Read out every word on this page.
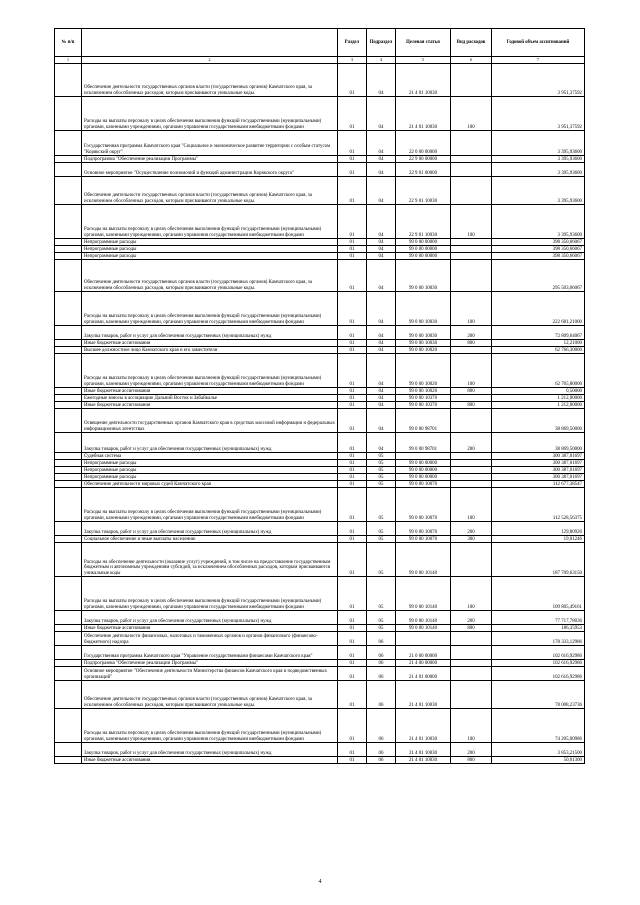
№ п/п		Раздел	Подраздел	Целевая статья	Вид расходов	Годовой объем ассигнований
1	2	3	4	5	6	7
	Обеспечение деятельности государственных органов власти (государственных органов) Камчатского края, за исключением обособленных расходов, которым присваиваются уникальные коды.	01	04	21 4 01 10030		3 951,37592
	Расходы на выплаты персоналу в целях обеспечения выполнения функций государственными (муниципальными) органами, казенными учреждениями, органами управления государственными внебюджетными фондами	01	04	21 4 01 10030	100	3 951,37592
	Государственная программа Камчатского края "Социальное и экономическое развитие территории с особым статусом "Корякский округ"	01	04	22 0 00 00000		3 395,93600
	Подпрограмма "Обеспечение реализации Программы"	01	04	22 9 00 00000		3 395,93600
	Основное мероприятие "Осуществление полномочий и функций администрации Корякского округа"	01	04	22 9 01 00000		3 395,93600
	Обеспечение деятельности государственных органов власти (государственных органов) Камчатского края, за исключением обособленных расходов, которым присваиваются уникальные коды.	01	04	22 9 01 10030		3 395,93600
	Расходы на выплаты персоналу в целях обеспечения выполнения функций государственными (муниципальными) органами, казенными учреждениями, органами управления государственными внебюджетными фондами	01	04	22 9 01 10030	100	3 395,93600
	Непрограммные расходы	01	04	99 0 00 00000		398 350,66067
	Непрограммные расходы	01	04	99 0 00 00000		398 350,66067
	Непрограммные расходы	01	04	99 0 00 00000		398 350,66067
	Обеспечение деятельности государственных органов власти (государственных органов) Камчатского края, за исключением обособленных расходов, которым присваиваются уникальные коды.	01	04	99 0 00 10030		295 503,06067
	Расходы на выплаты персоналу в целях обеспечения выполнения функций государственными (муниципальными) органами, казенными учреждениями, органами управления государственными внебюджетными фондами	01	04	99 0 00 10030	100	222 681,21000
	Закупка товаров, работ и услуг для обеспечения государственных (муниципальных) нужд	01	04	99 0 00 10030	200	72 809,64067
	Иные бюджетные ассигнования	01	04	99 0 00 10030	800	12,21000
	Высшее должностное лицо Камчатского края и его заместители	01	04	99 0 00 10020		62 766,30000
	Расходы на выплаты персоналу в целях обеспечения выполнения функций государственными (муниципальными) органами, казенными учреждениями, органами управления государственными внебюджетными фондами	01	04	99 0 00 10020	100	62 765,80000
	Иные бюджетные ассигнования	01	04	99 0 00 10020	800	0,50000
	Ежегодные взносы в ассоциацию Дальний Восток и Забайкалье	01	04	99 0 00 10370		1 212,00000
	Иные бюджетные ассигнования	01	04	99 0 00 10370	800	1 212,00000
	Освещение деятельности государственных органов Камчатского края в средствах массовой информации и федеральных информационных агентствах	01	04	99 0 00 98701		38 869,50000
	Закупка товаров, работ и услуг для обеспечения государственных (муниципальных) нужд	01	04	99 0 00 98701	200	38 869,50000
	Судебная система	01	05			300 387,01697
	Непрограммные расходы	01	05	99 0 00 00000		300 387,01697
	Непрограммные расходы	01	05	99 0 00 00000		300 387,01697
	Непрограммные расходы	01	05	99 0 00 00000		300 387,01697
	Обеспечение деятельности мировых судей Камчатского края	01	05	99 0 00 10070		112 677,38547
	Расходы на выплаты персоналу в целях обеспечения выполнения функций государственными (муниципальными) органами, казенными учреждениями, органами управления государственными внебюджетными фондами	01	05	99 0 00 10070	100	112 528,56375
	Закупка товаров, работ и услуг для обеспечения государственных (муниципальных) нужд	01	05	99 0 00 10070	200	129,80926
	Социальное обеспечение и иные выплаты населению	01	05	99 0 00 10070	300	19,01246
	Расходы на обеспечение деятельности (оказание услуг) учреждений, в том числе на предоставление государственным бюджетным и автономным учреждениям субсидий, за исключением обособленных расходов, которым присваиваются уникальные коды	01	05	99 0 00 10140		187 709,63150
	Расходы на выплаты персоналу в целях обеспечения выполнения функций государственными (муниципальными) органами, казенными учреждениями, органами управления государственными внебюджетными фондами	01	05	99 0 00 10140	100	109 805,49161
	Закупка товаров, работ и услуг для обеспечения государственных (муниципальных) нужд	01	05	99 0 00 10140	200	77 717,78036
	Иные бюджетные ассигнования	01	05	99 0 00 10140	800	186,35953
	Обеспечение деятельности финансовых, налоговых и таможенных органов и органов финансового (финансово-бюджетного) надзора	01	06			178 333,12986
	Государственная программа Камчатского края "Управление государственными финансами Камчатского края"	01	06	21 0 00 00000		102 616,92986
	Подпрограмма "Обеспечение реализации Программы"	01	06	21 4 00 00000		102 616,92986
	Основное мероприятие "Обеспечение деятельности Министерства финансов Камчатского края и подведомственных организаций"	01	06	21 4 01 00000		102 616,92986
	Обеспечение деятельности государственных органов власти (государственных органов) Камчатского края, за исключением обособленных расходов, которым присваиваются уникальные коды.	01	06	21 4 01 10030		78 008,23736
	Расходы на выплаты персоналу в целях обеспечения выполнения функций государственными (муниципальными) органами, казенными учреждениями, органами управления государственными внебюджетными фондами	01	06	21 4 01 10030	100	74 205,00986
	Закупка товаров, работ и услуг для обеспечения государственных (муниципальных) нужд	01	06	21 4 01 10030	200	3 853,21500
	Иные бюджетные ассигнования	01	06	21 4 01 10030	800	50,01300
4
